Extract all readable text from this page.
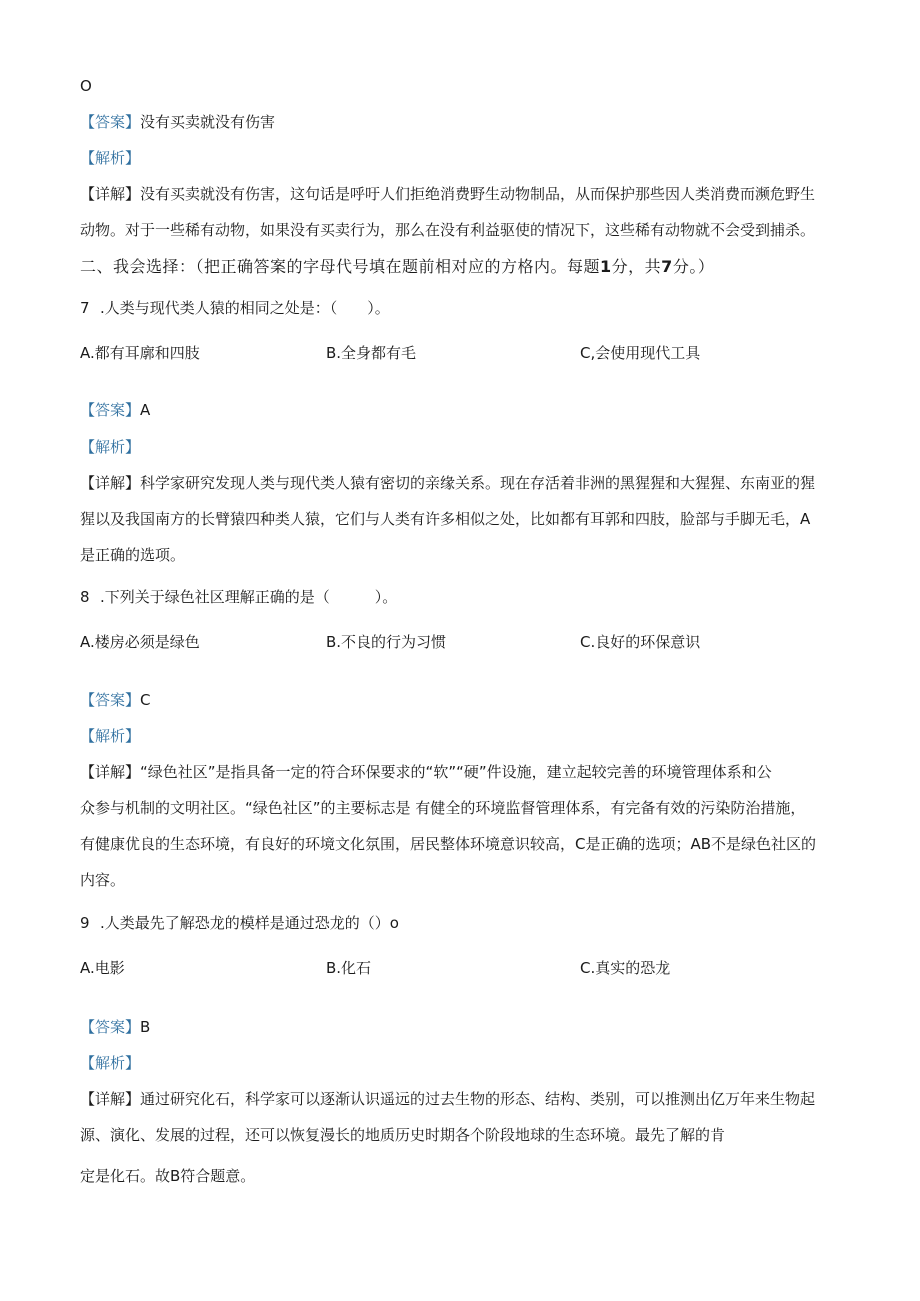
O
【答案】没有买卖就没有伤害
【解析】
【详解】没有买卖就没有伤害，这句话是呼吁人们拒绝消费野生动物制品，从而保护那些因人类消费而濒危野生
动物。对于一些稀有动物，如果没有买卖行为，那么在没有利益驱使的情况下，这些稀有动物就不会受到捕杀。
二、我会选择：（把正确答案的字母代号填在题前相对应的方格内。每题1分，共7分。）
7 .人类与现代类人猿的相同之处是：（　　）。
A.都有耳廓和四肢	B.全身都有毛	C,会使用现代工具
【答案】A
【解析】
【详解】科学家研究发现人类与现代类人猿有密切的亲缘关系。现在存活着非洲的黑猩猩和大猩猩、东南亚的猩
猩以及我国南方的长臂猿四种类人猿，它们与人类有许多相似之处，比如都有耳郭和四肢，脸部与手脚无毛，A
是正确的选项。
8 .下列关于绿色社区理解正确的是（　　　）。
A.楼房必须是绿色	B.不良的行为习惯	C.良好的环保意识
【答案】C
【解析】
【详解】“绿色社区”是指具备一定的符合环保要求的“软”“硬”件设施，建立起较完善的环境管理体系和公
众参与机制的文明社区。“绿色社区”的主要标志是 有健全的环境监督管理体系，有完备有效的污染防治措施，
有健康优良的生态环境，有良好的环境文化氛围，居民整体环境意识较高，C是正确的选项；AB不是绿色社区的
内容。
9 .人类最先了解恐龙的模样是通过恐龙的（）o
A.电影	B.化石	C.真实的恐龙
【答案】B
【解析】
【详解】通过研究化石，科学家可以逐渐认识遥远的过去生物的形态、结构、类别，可以推测出亿万年来生物起
源、演化、发展的过程，还可以恢复漫长的地质历史时期各个阶段地球的生态环境。最先了解的肯
定是化石。故B符合题意。
